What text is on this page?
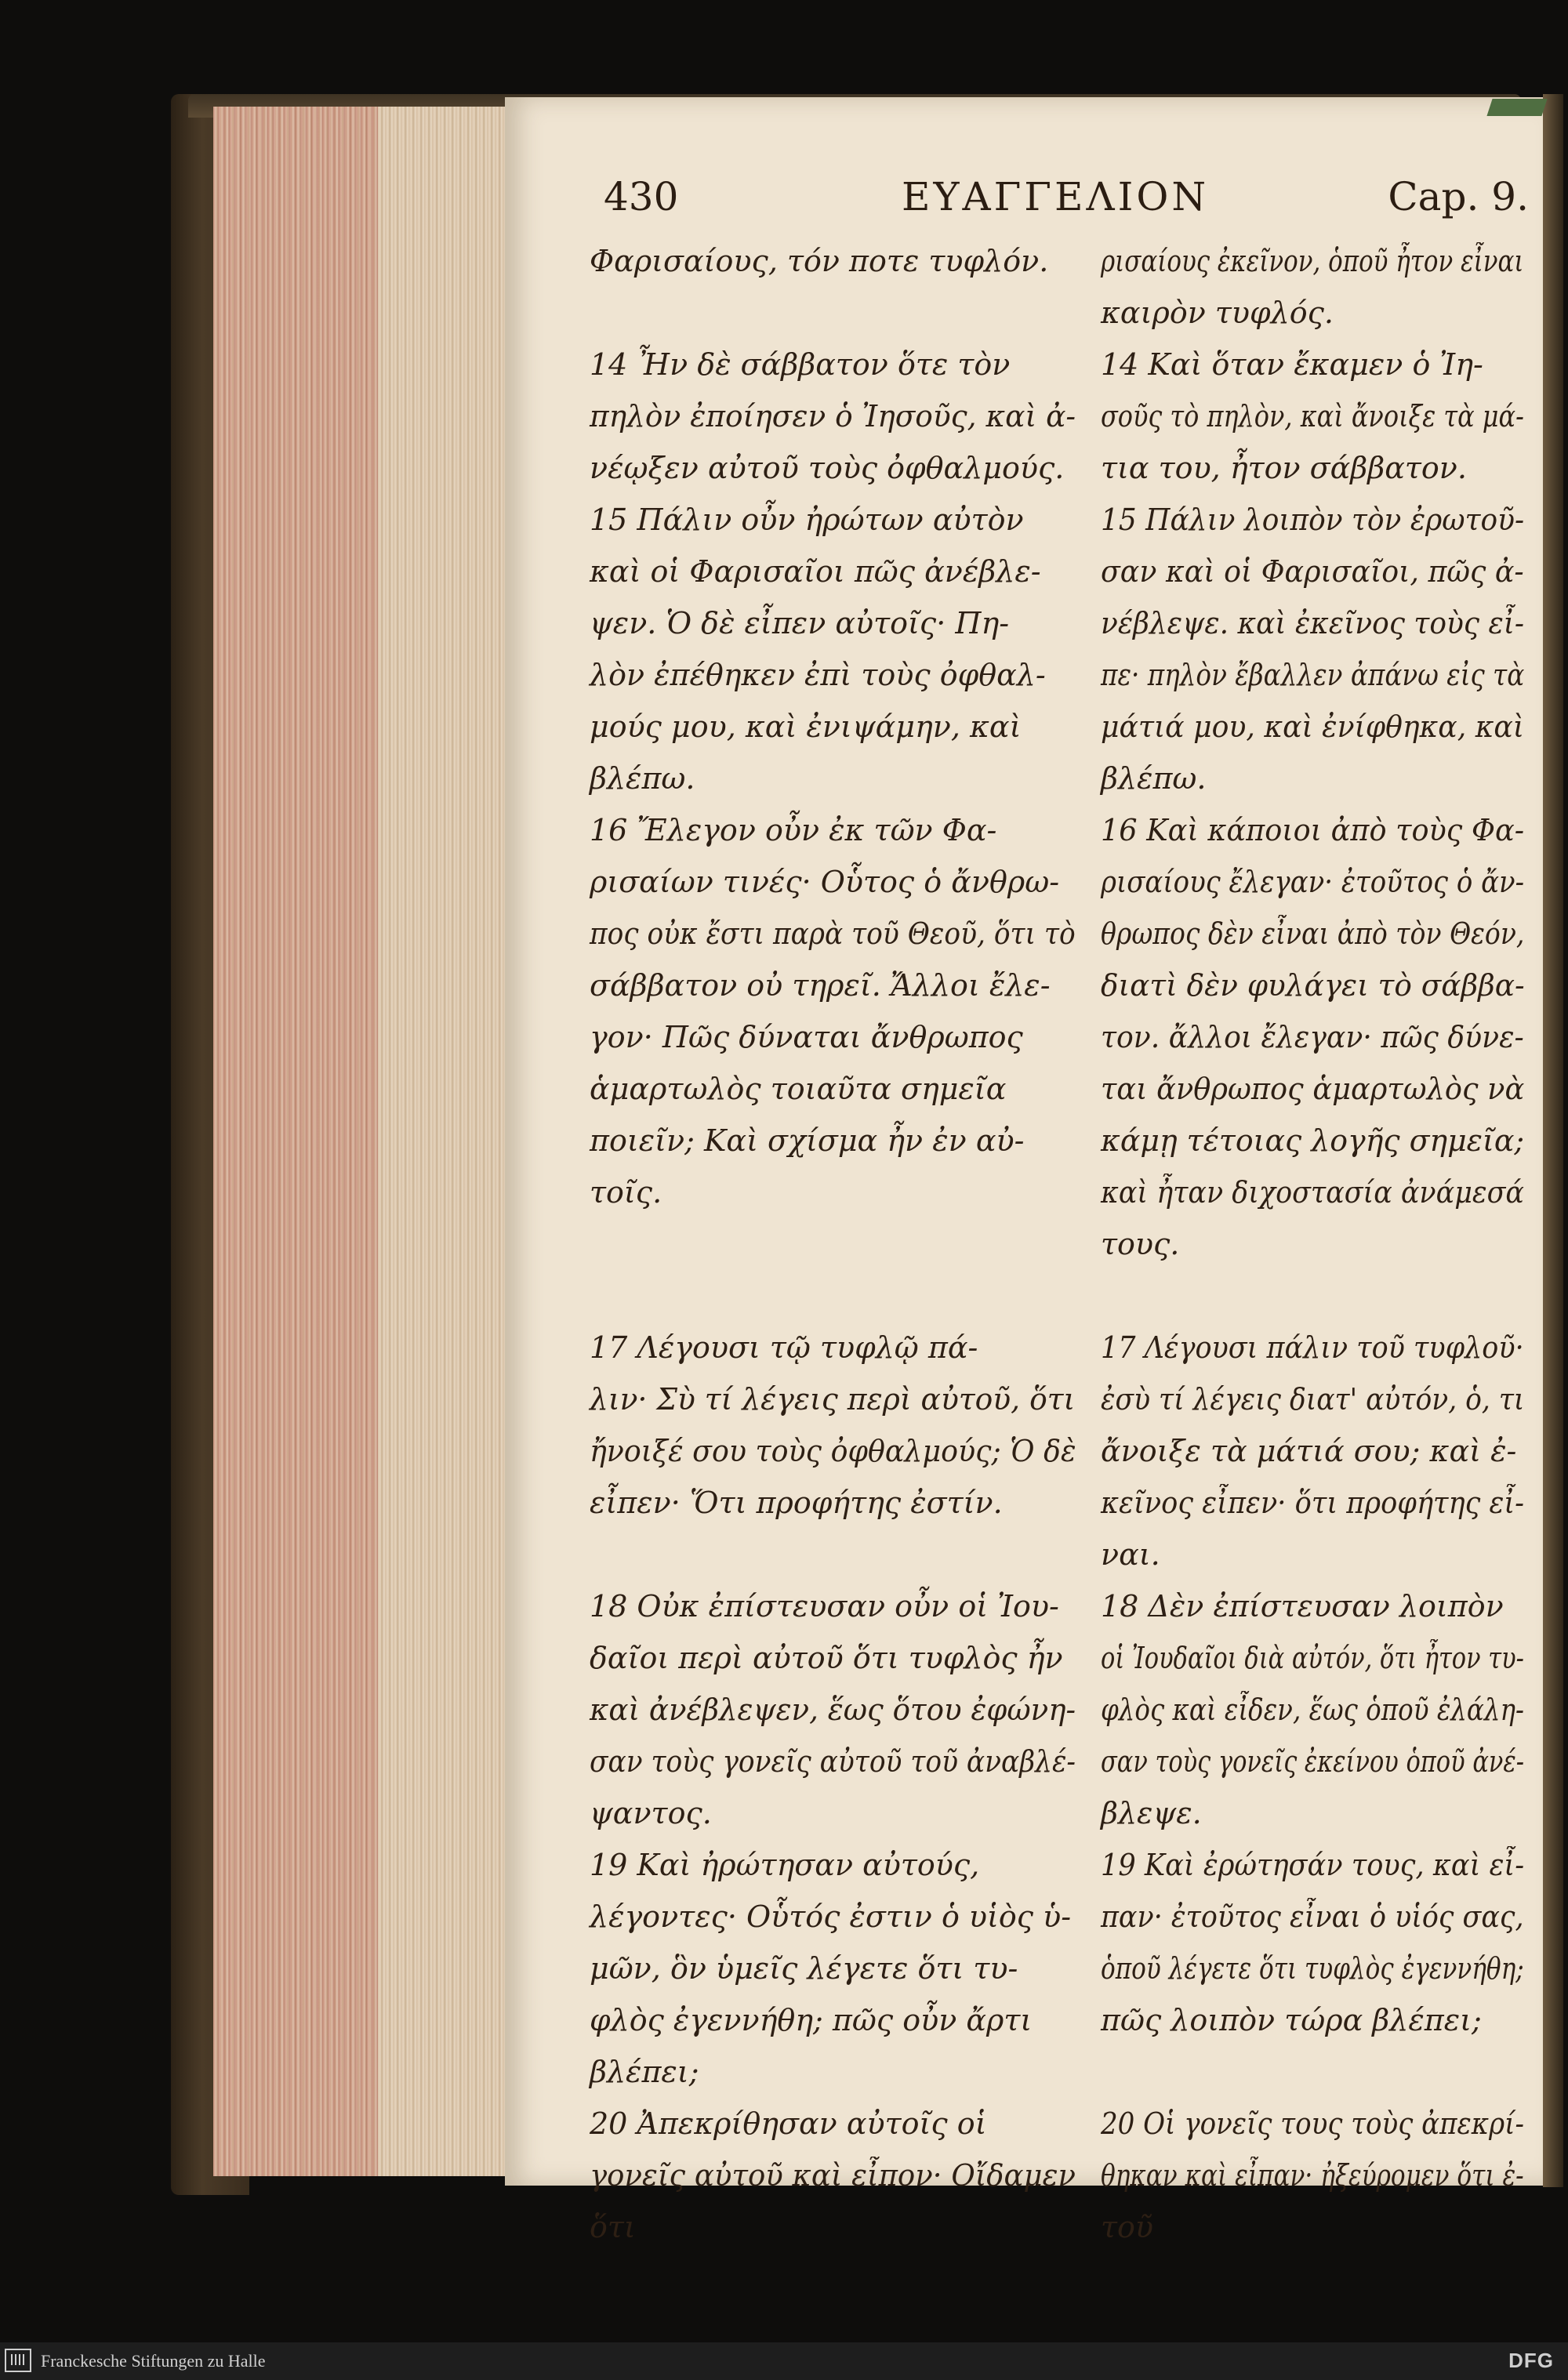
430	ΕΥΑΓΓΕΛΙΟΝ	Cap. 9.

Φαρισαίους, τόν ποτε τυφλόν.

14 Ἦν δὲ σάββατον ὅτε τὸν

πηλὸν ἐποίησεν ὁ Ἰησοῦς, καὶ ἀ-

νέῳξεν αὐτοῦ τοὺς ὀφθαλμούς.

15 Πάλιν οὖν ἠρώτων αὐτὸν

καὶ οἱ Φαρισαῖοι πῶς ἀνέβλε-

ψεν. Ὁ δὲ εἶπεν αὐτοῖς· Πη-

λὸν ἐπέθηκεν ἐπὶ τοὺς ὀφθαλ-

μούς μου, καὶ ἐνιψάμην, καὶ

βλέπω.

16 Ἔλεγον οὖν ἐκ τῶν Φα-

ρισαίων τινές· Οὗτος ὁ ἄνθρω-

πος οὐκ ἔστι παρὰ τοῦ Θεοῦ, ὅτι τὸ

σάββατον οὐ τηρεῖ. Ἄλλοι ἔλε-

γον· Πῶς δύναται ἄνθρωπος

ἁμαρτωλὸς τοιαῦτα σημεῖα

ποιεῖν; Καὶ σχίσμα ἦν ἐν αὐ-

τοῖς.

17 Λέγουσι τῷ τυφλῷ πά-

λιν· Σὺ τί λέγεις περὶ αὐτοῦ, ὅτι

ἤνοιξέ σου τοὺς ὀφθαλμούς; Ὁ δὲ

εἶπεν· Ὅτι προφήτης ἐστίν.

18 Οὐκ ἐπίστευσαν οὖν οἱ Ἰου-

δαῖοι περὶ αὐτοῦ ὅτι τυφλὸς ἦν

καὶ ἀνέβλεψεν, ἕως ὅτου ἐφώνη-

σαν τοὺς γονεῖς αὐτοῦ τοῦ ἀναβλέ-

ψαντος.

19 Καὶ ἠρώτησαν αὐτούς,

λέγοντες· Οὗτός ἐστιν ὁ υἱὸς ὑ-

μῶν, ὃν ὑμεῖς λέγετε ὅτι τυ-

φλὸς ἐγεννήθη; πῶς οὖν ἄρτι

βλέπει;

20 Ἀπεκρίθησαν αὐτοῖς οἱ

γονεῖς αὐτοῦ καὶ εἶπον· Οἴδαμεν

ὅτι

ρισαίους ἐκεῖνον, ὁποῦ ἦτον εἶναι

καιρὸν τυφλός.

14 Καὶ ὅταν ἔκαμεν ὁ Ἰη-

σοῦς τὸ πηλὸν, καὶ ἄνοιξε τὰ μά-

τια του, ἦτον σάββατον.

15 Πάλιν λοιπὸν τὸν ἐρωτοῦ-

σαν καὶ οἱ Φαρισαῖοι, πῶς ἀ-

νέβλεψε. καὶ ἐκεῖνος τοὺς εἶ-

πε· πηλὸν ἔβαλλεν ἀπάνω εἰς τὰ

μάτιά μου, καὶ ἐνίφθηκα, καὶ

βλέπω.

16 Καὶ κάποιοι ἀπὸ τοὺς Φα-

ρισαίους ἔλεγαν· ἐτοῦτος ὁ ἄν-

θρωπος δὲν εἶναι ἀπὸ τὸν Θεόν,

διατὶ δὲν φυλάγει τὸ σάββα-

τον. ἄλλοι ἔλεγαν· πῶς δύνε-

ται ἄνθρωπος ἁμαρτωλὸς νὰ

κάμῃ τέτοιας λογῆς σημεῖα;

καὶ ἦταν διχοστασία ἀνάμεσά

τους.

17 Λέγουσι πάλιν τοῦ τυφλοῦ·

ἐσὺ τί λέγεις διατ' αὐτόν, ὁ, τι

ἄνοιξε τὰ μάτιά σου; καὶ ἐ-

κεῖνος εἶπεν· ὅτι προφήτης εἶ-

ναι.

18 Δὲν ἐπίστευσαν λοιπὸν

οἱ Ἰουδαῖοι διὰ αὐτόν, ὅτι ἦτον τυ-

φλὸς καὶ εἶδεν, ἕως ὁποῦ ἐλάλη-

σαν τοὺς γονεῖς ἐκείνου ὁποῦ ἀνέ-

βλεψε.

19 Καὶ ἐρώτησάν τους, καὶ εἶ-

παν· ἐτοῦτος εἶναι ὁ υἱός σας,

ὁποῦ λέγετε ὅτι τυφλὸς ἐγεννήθη;

πῶς λοιπὸν τώρα βλέπει;

20 Οἱ γονεῖς τους τοὺς ἀπεκρί-

θηκαν καὶ εἶπαν· ἠξεύρομεν ὅτι ἐ-

τοῦ

Franckesche Stiftungen zu Halle	DFG
